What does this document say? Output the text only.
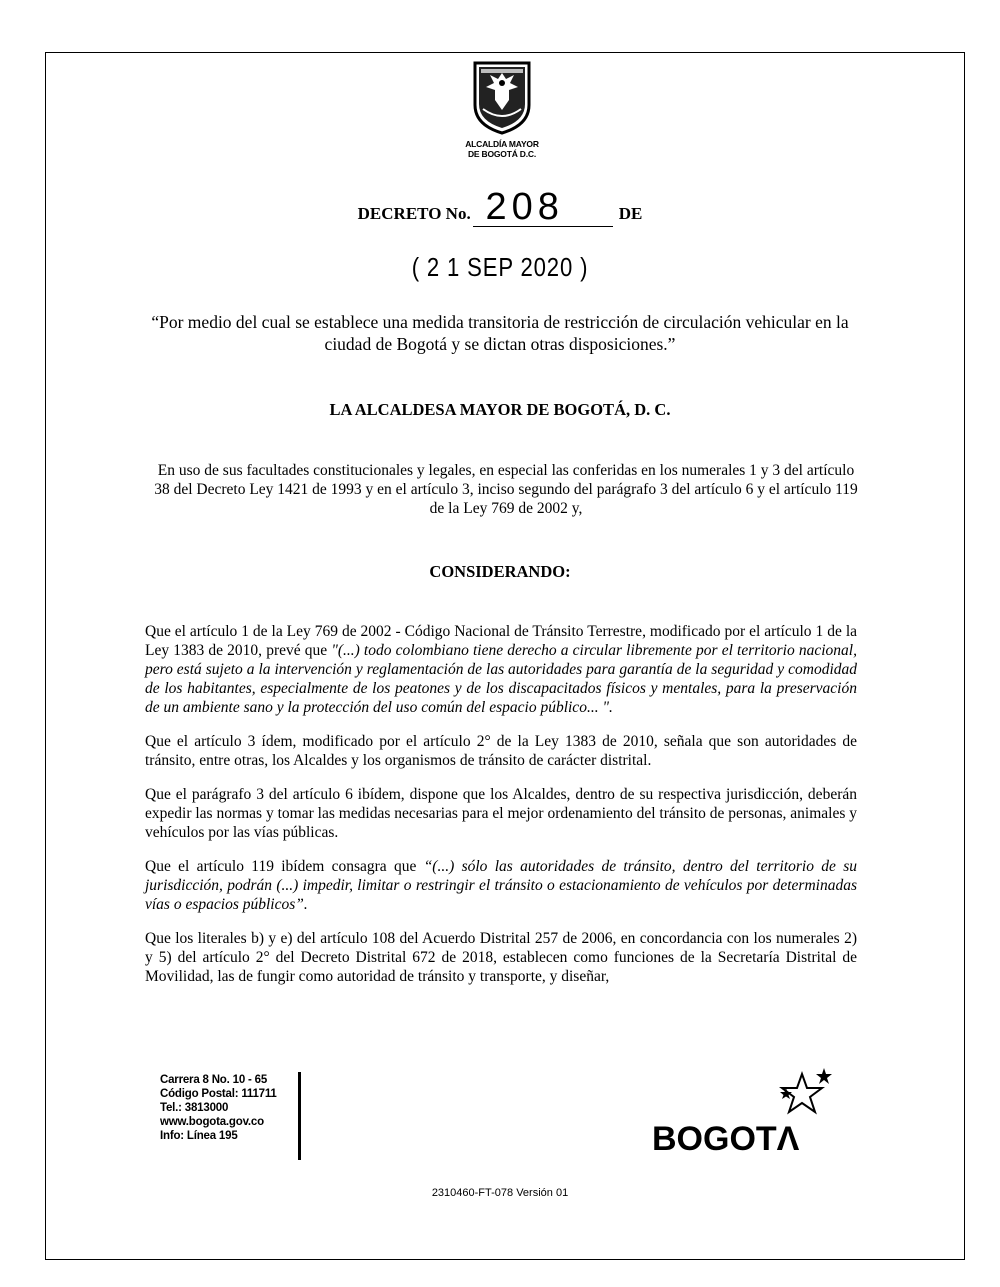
ALCALDÍA MAYOR
DE BOGOTÁ D.C.
DECRETO No. 208	DE
( 2 1 SEP 2020 )
“Por medio del cual se establece una medida transitoria de restricción de circulación vehicular en la ciudad de Bogotá y se dictan otras disposiciones.”
LA ALCALDESA MAYOR DE BOGOTÁ, D. C.
En uso de sus facultades constitucionales y legales, en especial las conferidas en los numerales 1 y 3 del artículo 38 del Decreto Ley 1421 de 1993 y en el artículo 3, inciso segundo del parágrafo 3 del artículo 6 y el artículo 119 de la Ley 769 de 2002 y,
CONSIDERANDO:

Que el artículo 1 de la Ley 769 de 2002 - Código Nacional de Tránsito Terrestre, modificado por el artículo 1 de la Ley 1383 de 2010, prevé que "(...) todo colombiano tiene derecho a circular libremente por el territorio nacional, pero está sujeto a la intervención y reglamentación de las autoridades para garantía de la seguridad y comodidad de los habitantes, especialmente de los peatones y de los discapacitados físicos y mentales, para la preservación de un ambiente sano y la protección del uso común del espacio público... ".

Que el artículo 3 ídem, modificado por el artículo 2° de la Ley 1383 de 2010, señala que son autoridades de tránsito, entre otras, los Alcaldes y los organismos de tránsito de carácter distrital.

Que el parágrafo 3 del artículo 6 ibídem, dispone que los Alcaldes, dentro de su respectiva jurisdicción, deberán expedir las normas y tomar las medidas necesarias para el mejor ordenamiento del tránsito de personas, animales y vehículos por las vías públicas.

Que el artículo 119 ibídem consagra que “(...) sólo las autoridades de tránsito, dentro del territorio de su jurisdicción, podrán (...) impedir, limitar o restringir el tránsito o estacionamiento de vehículos por determinadas vías o espacios públicos”.

Que los literales b) y e) del artículo 108 del Acuerdo Distrital 257 de 2006, en concordancia con los numerales 2) y 5) del artículo 2° del Decreto Distrital 672 de 2018, establecen como funciones de la Secretaría Distrital de Movilidad, las de fungir como autoridad de tránsito y transporte, y diseñar,

Carrera 8 No. 10 - 65
Código Postal: 111711
Tel.: 3813000
www.bogota.gov.co
Info: Línea 195	BOGOTΛ
2310460-FT-078 Versión 01
